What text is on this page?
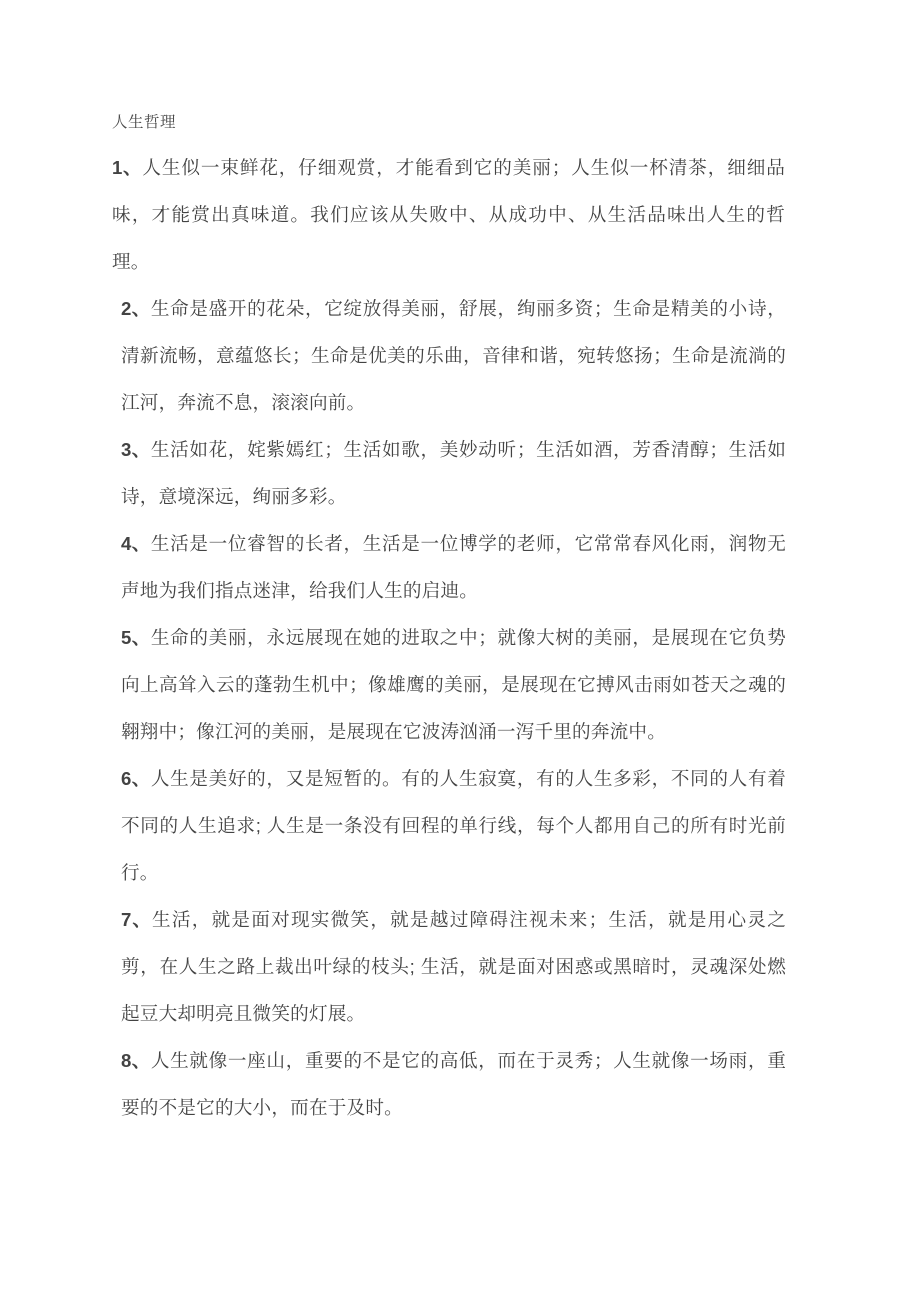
人生哲理

1、人生似一束鲜花，仔细观赏，才能看到它的美丽；人生似一杯清茶，细细品味，才能赏出真味道。我们应该从失败中、从成功中、从生活品味出人生的哲理。

2、生命是盛开的花朵，它绽放得美丽，舒展，绚丽多资；生命是精美的小诗，清新流畅，意蕴悠长；生命是优美的乐曲，音律和谐，宛转悠扬；生命是流淌的江河，奔流不息，滚滚向前。

3、生活如花，姹紫嫣红；生活如歌，美妙动听；生活如酒，芳香清醇；生活如诗，意境深远，绚丽多彩。

4、生活是一位睿智的长者，生活是一位博学的老师，它常常春风化雨，润物无声地为我们指点迷津，给我们人生的启迪。

5、生命的美丽，永远展现在她的进取之中；就像大树的美丽，是展现在它负势向上高耸入云的蓬勃生机中；像雄鹰的美丽，是展现在它搏风击雨如苍天之魂的翱翔中；像江河的美丽，是展现在它波涛汹涌一泻千里的奔流中。

6、人生是美好的，又是短暂的。有的人生寂寞，有的人生多彩，不同的人有着不同的人生追求; 人生是一条没有回程的单行线，每个人都用自己的所有时光前行。

7、生活，就是面对现实微笑，就是越过障碍注视未来；生活，就是用心灵之剪，在人生之路上裁出叶绿的枝头; 生活，就是面对困惑或黑暗时，灵魂深处燃起豆大却明亮且微笑的灯展。

8、人生就像一座山，重要的不是它的高低，而在于灵秀；人生就像一场雨，重要的不是它的大小，而在于及时。
